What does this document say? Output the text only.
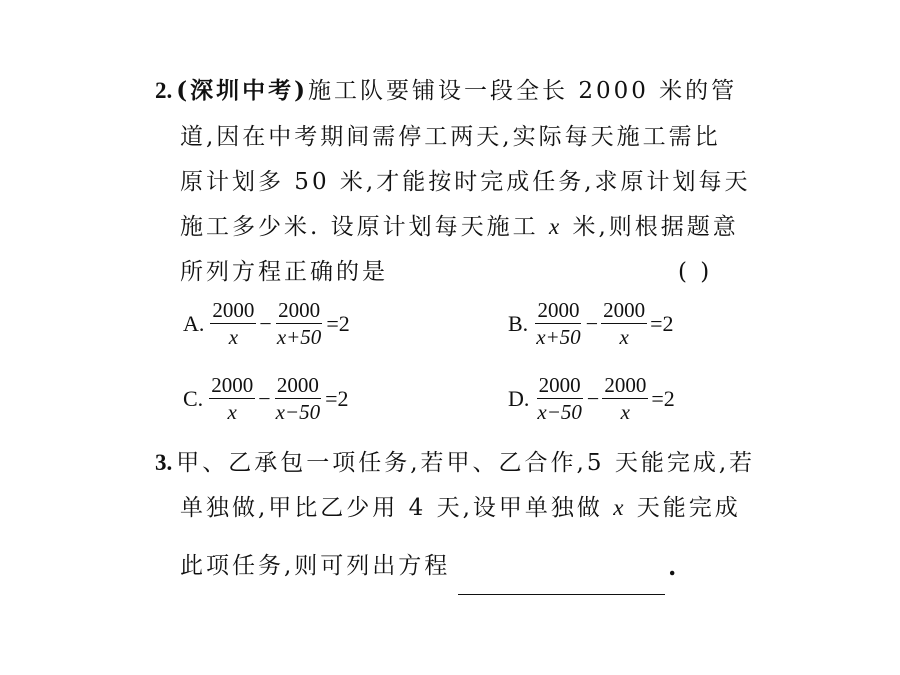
2. (深圳中考)施工队要铺设一段全长 2000 米的管
道,因在中考期间需停工两天,实际每天施工需比
原计划多 50 米,才能按时完成任务,求原计划每天
施工多少米. 设原计划每天施工 x 米,则根据题意
所列方程正确的是	( )
A. $\frac{2000}{x} - \frac{2000}{x+50} =2$	B. $\frac{2000}{x+50} - \frac{2000}{x} =2$
C. $\frac{2000}{x} - \frac{2000}{x-50} =2$	D. $\frac{2000}{x-50} - \frac{2000}{x} =2$
3. 甲、乙承包一项任务,若甲、乙合作,5 天能完成,若
单独做,甲比乙少用 4 天,设甲单独做 x 天能完成
此项任务,则可列出方程	.
